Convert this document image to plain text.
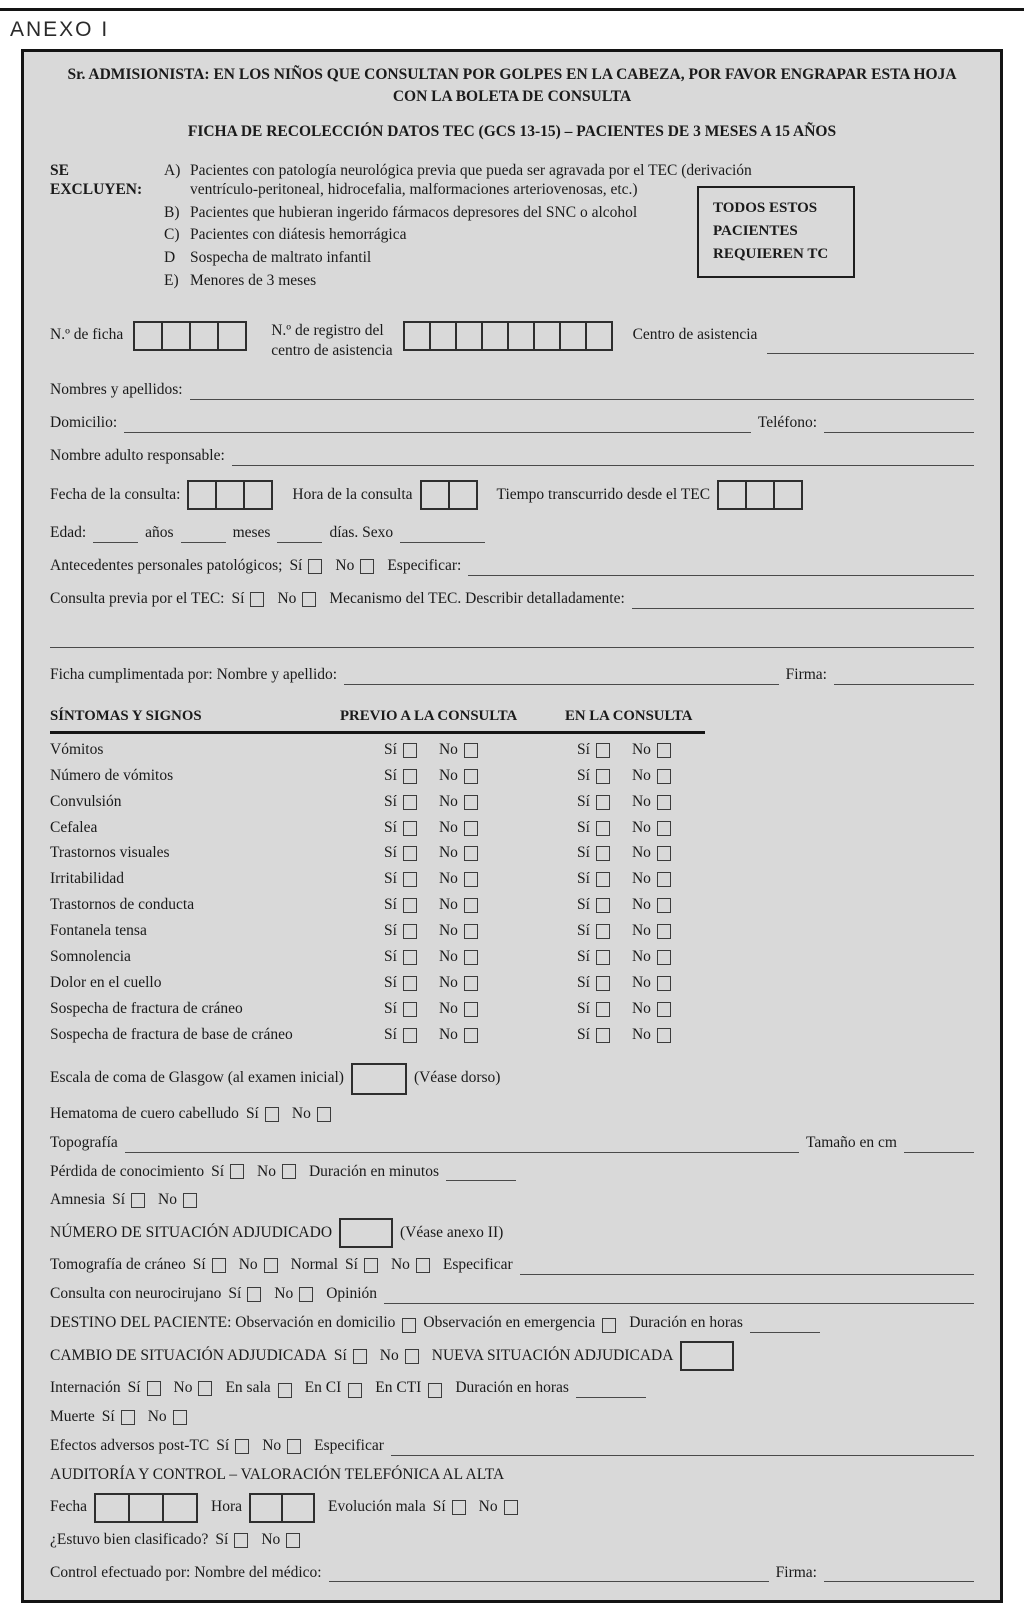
ANEXO I
Sr. ADMISIONISTA: EN LOS NIÑOS QUE CONSULTAN POR GOLPES EN LA CABEZA, POR FAVOR ENGRAPAR ESTA HOJA
CON LA BOLETA DE CONSULTA
FICHA DE RECOLECCIÓN DATOS TEC (GCS 13-15) – PACIENTES DE 3 MESES A 15 AÑOS
SE EXCLUYEN:
A) Pacientes con patología neurológica previa que pueda ser agravada por el TEC (derivación ventrículo-peritoneal, hidrocefalia, malformaciones arteriovenosas, etc.)
B) Pacientes que hubieran ingerido fármacos depresores del SNC o alcohol
C) Pacientes con diátesis hemorrágica
D Sospecha de maltrato infantil
E) Menores de 3 meses
TODOS ESTOS
PACIENTES
REQUIEREN TC
N.º de ficha	N.º de registro del
centro de asistencia
Centro de asistencia
Nombres y apellidos:
Domicilio:	Teléfono:
Nombre adulto responsable:
Fecha de la consulta:	Hora de la consulta	Tiempo transcurrido desde el TEC
Edad:	años	meses	días. Sexo
Antecedentes personales patológicos; Sí No Especificar:
Consulta previa por el TEC: Sí No Mecanismo del TEC. Describir detalladamente:
Ficha cumplimentada por: Nombre y apellido:	Firma:
SÍNTOMAS Y SIGNOS	PREVIO A LA CONSULTA	EN LA CONSULTA
Vómitos	Sí	No	Sí	No
Número de vómitos	Sí	No	Sí	No
Convulsión	Sí	No	Sí	No
Cefalea	Sí	No	Sí	No
Trastornos visuales	Sí	No	Sí	No
Irritabilidad	Sí	No	Sí	No
Trastornos de conducta	Sí	No	Sí	No
Fontanela tensa	Sí	No	Sí	No
Somnolencia	Sí	No	Sí	No
Dolor en el cuello	Sí	No	Sí	No
Sospecha de fractura de cráneo	Sí	No	Sí	No
Sospecha de fractura de base de cráneo	Sí	No	Sí	No
Escala de coma de Glasgow (al examen inicial)	(Véase dorso)
Hematoma de cuero cabelludo Sí No
Topografía	Tamaño en cm
Pérdida de conocimiento Sí No Duración en minutos
Amnesia Sí No
NÚMERO DE SITUACIÓN ADJUDICADO	(Véase anexo II)
Tomografía de cráneo Sí No Normal Sí No Especificar
Consulta con neurocirujano Sí No Opinión
DESTINO DEL PACIENTE: Observación en domicilio Observación en emergencia Duración en horas
CAMBIO DE SITUACIÓN ADJUDICADA Sí No NUEVA SITUACIÓN ADJUDICADA
Internación Sí No En sala En CI En CTI Duración en horas
Muerte Sí No
Efectos adversos post-TC Sí No Especificar
AUDITORÍA Y CONTROL – VALORACIÓN TELEFÓNICA AL ALTA
Fecha	Hora	Evolución mala Sí No
¿Estuvo bien clasificado? Sí No
Control efectuado por: Nombre del médico:	Firma:
